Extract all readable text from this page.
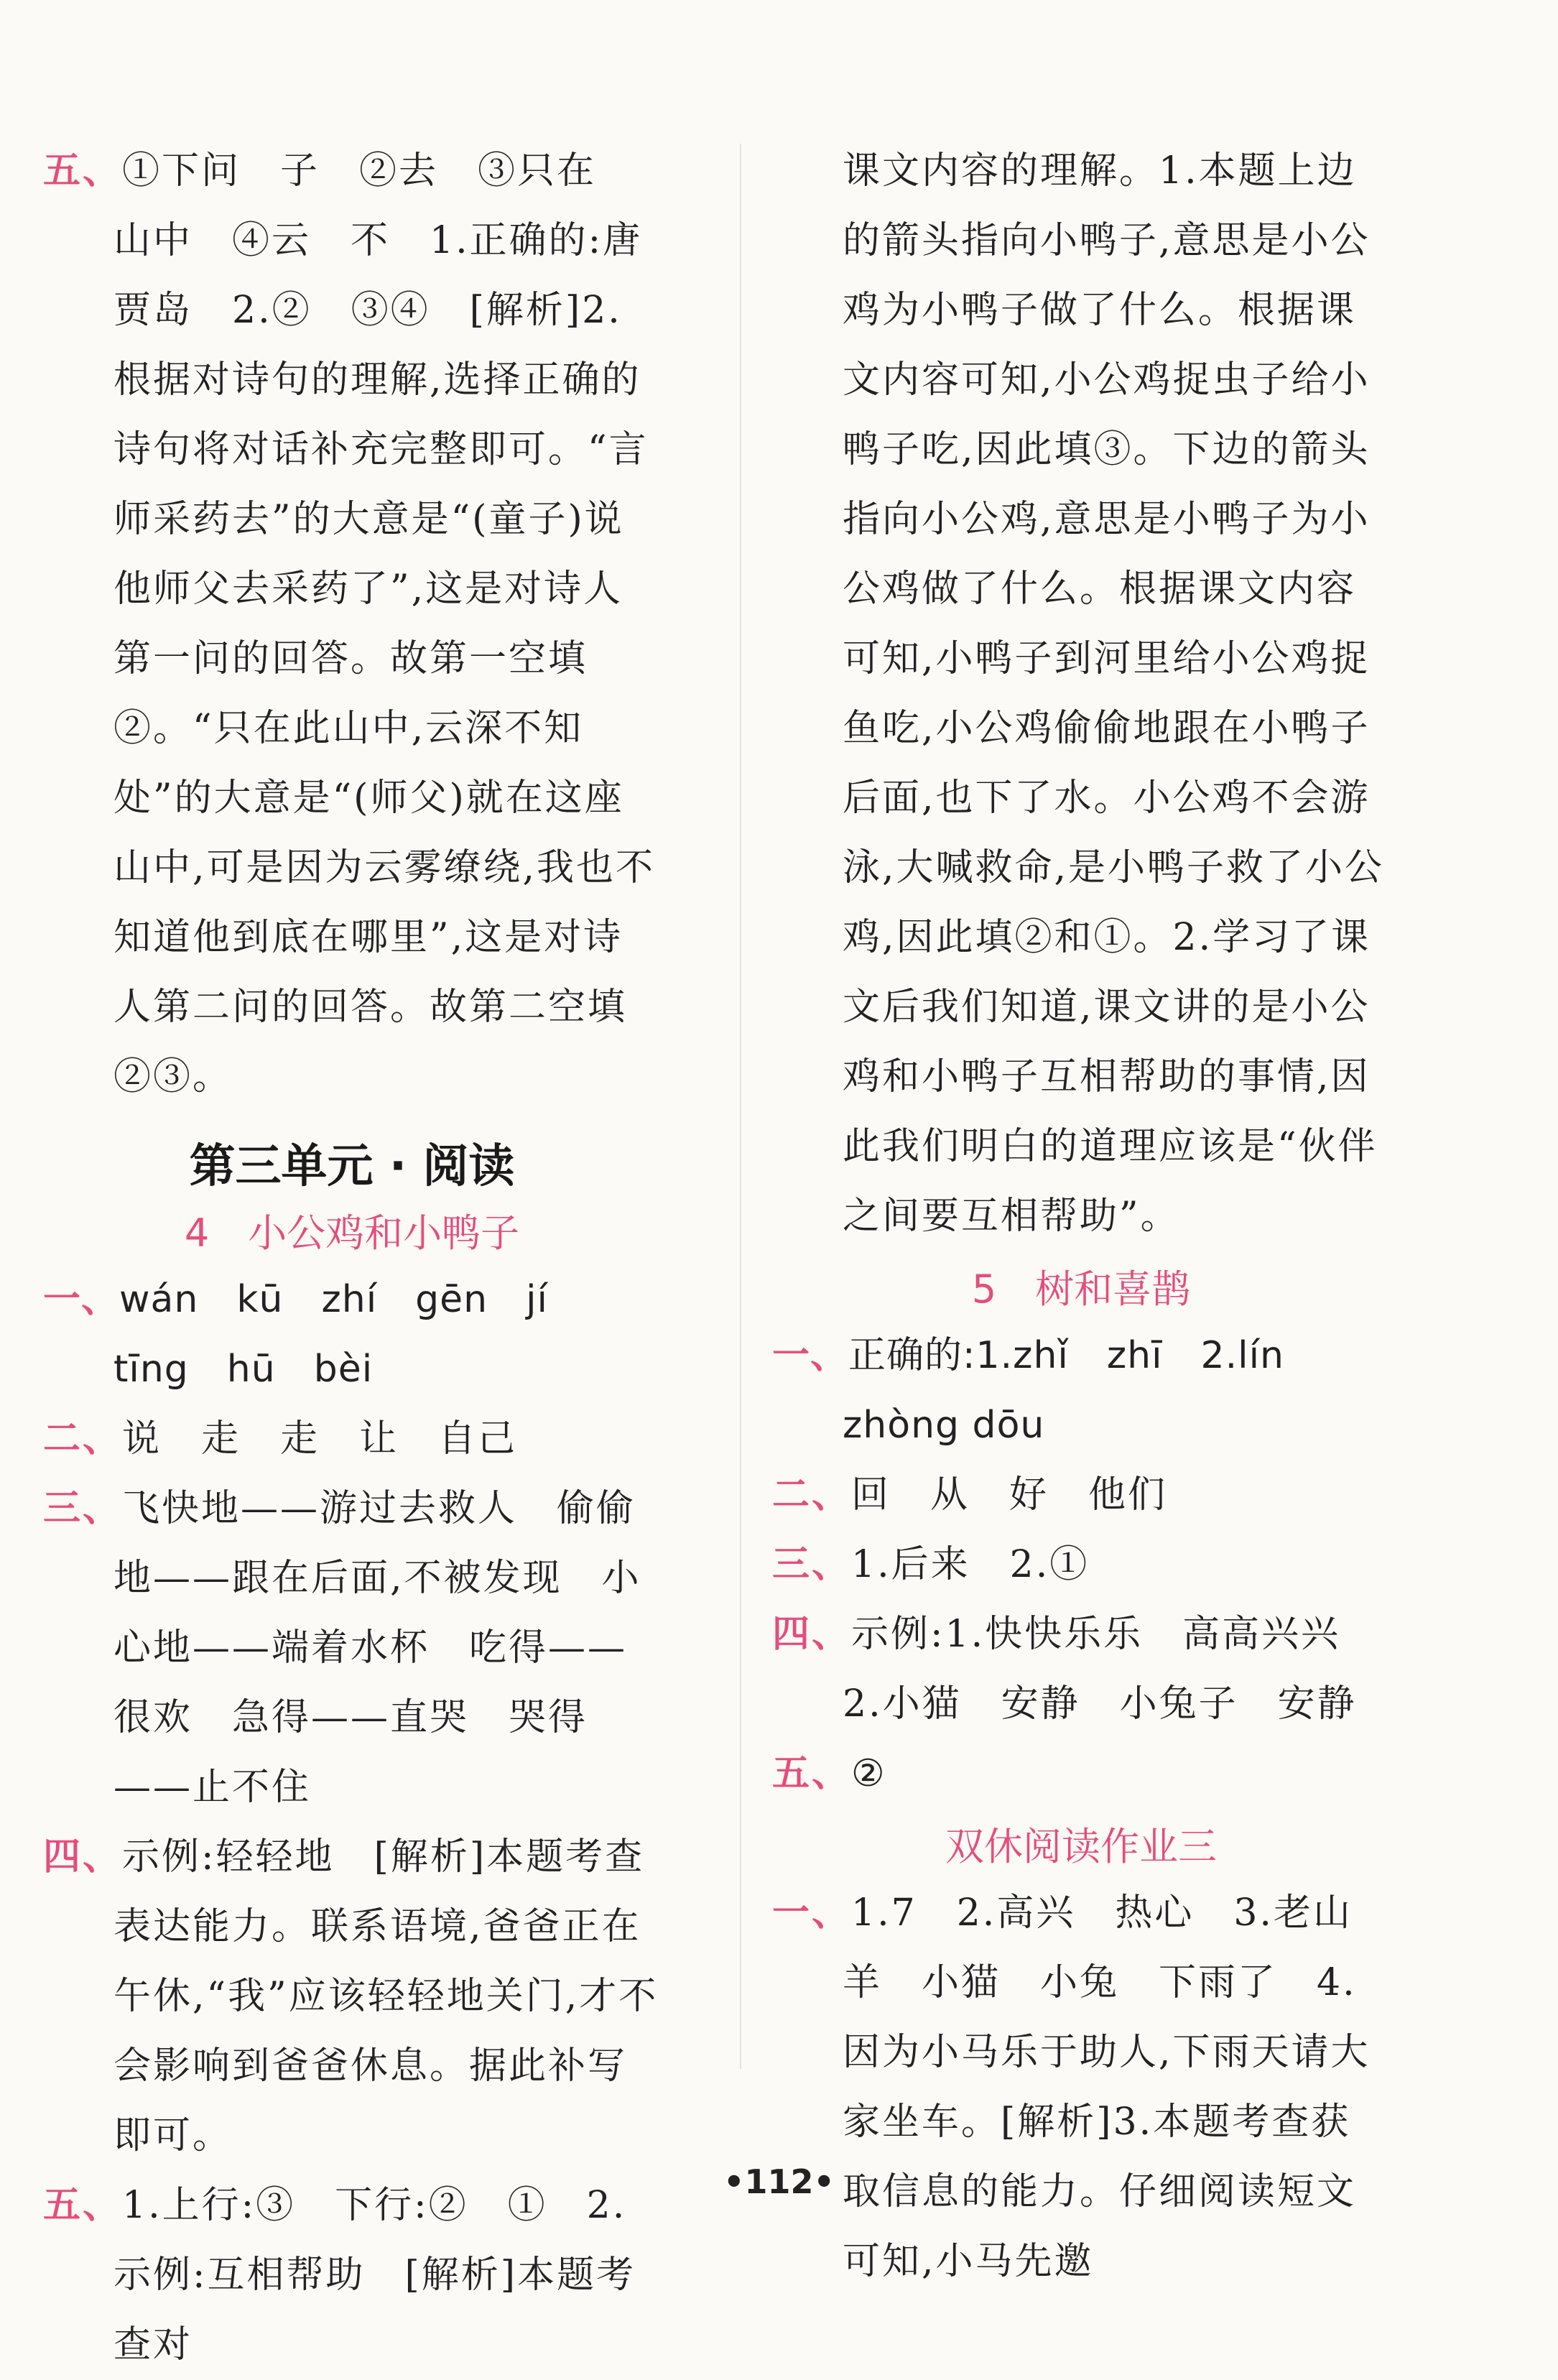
五、①下问　子　②去　③只在　山中　④云　不　1.正确的:唐　贾岛　2.②　③④　[解析]2.根据对诗句的理解,选择正确的诗句将对话补充完整即可。“言师采药去”的大意是“(童子)说他师父去采药了”,这是对诗人第一问的回答。故第一空填②。“只在此山中,云深不知处”的大意是“(师父)就在这座山中,可是因为云雾缭绕,我也不知道他到底在哪里”,这是对诗人第二问的回答。故第二空填②③。
第三单元 · 阅读
4　小公鸡和小鸭子
一、wán　kū　zhí　gēn　jí　tīng　hū　bèi
二、说　走　走　让　自己
三、飞快地——游过去救人　偷偷地——跟在后面,不被发现　小心地——端着水杯　吃得——很欢　急得——直哭　哭得——止不住
四、示例:轻轻地　[解析]本题考查表达能力。联系语境,爸爸正在午休,“我”应该轻轻地关门,才不会影响到爸爸休息。据此补写即可。
五、1.上行:③　下行:②　①　2.示例:互相帮助　[解析]本题考查对
课文内容的理解。1.本题上边的箭头指向小鸭子,意思是小公鸡为小鸭子做了什么。根据课文内容可知,小公鸡捉虫子给小鸭子吃,因此填③。下边的箭头指向小公鸡,意思是小鸭子为小公鸡做了什么。根据课文内容可知,小鸭子到河里给小公鸡捉鱼吃,小公鸡偷偷地跟在小鸭子后面,也下了水。小公鸡不会游泳,大喊救命,是小鸭子救了小公鸡,因此填②和①。2.学习了课文后我们知道,课文讲的是小公鸡和小鸭子互相帮助的事情,因此我们明白的道理应该是“伙伴之间要互相帮助”。
5　树和喜鹊
一、正确的:1.zhǐ　zhī　2.lín　zhòng dōu
二、回　从　好　他们
三、1.后来　2.①
四、示例:1.快快乐乐　高高兴兴　2.小猫　安静　小兔子　安静
五、②
双休阅读作业三
一、1.7　2.高兴　热心　3.老山羊　小猫　小兔　下雨了　4.因为小马乐于助人,下雨天请大家坐车。[解析]3.本题考查获取信息的能力。仔细阅读短文可知,小马先邀
•112•
